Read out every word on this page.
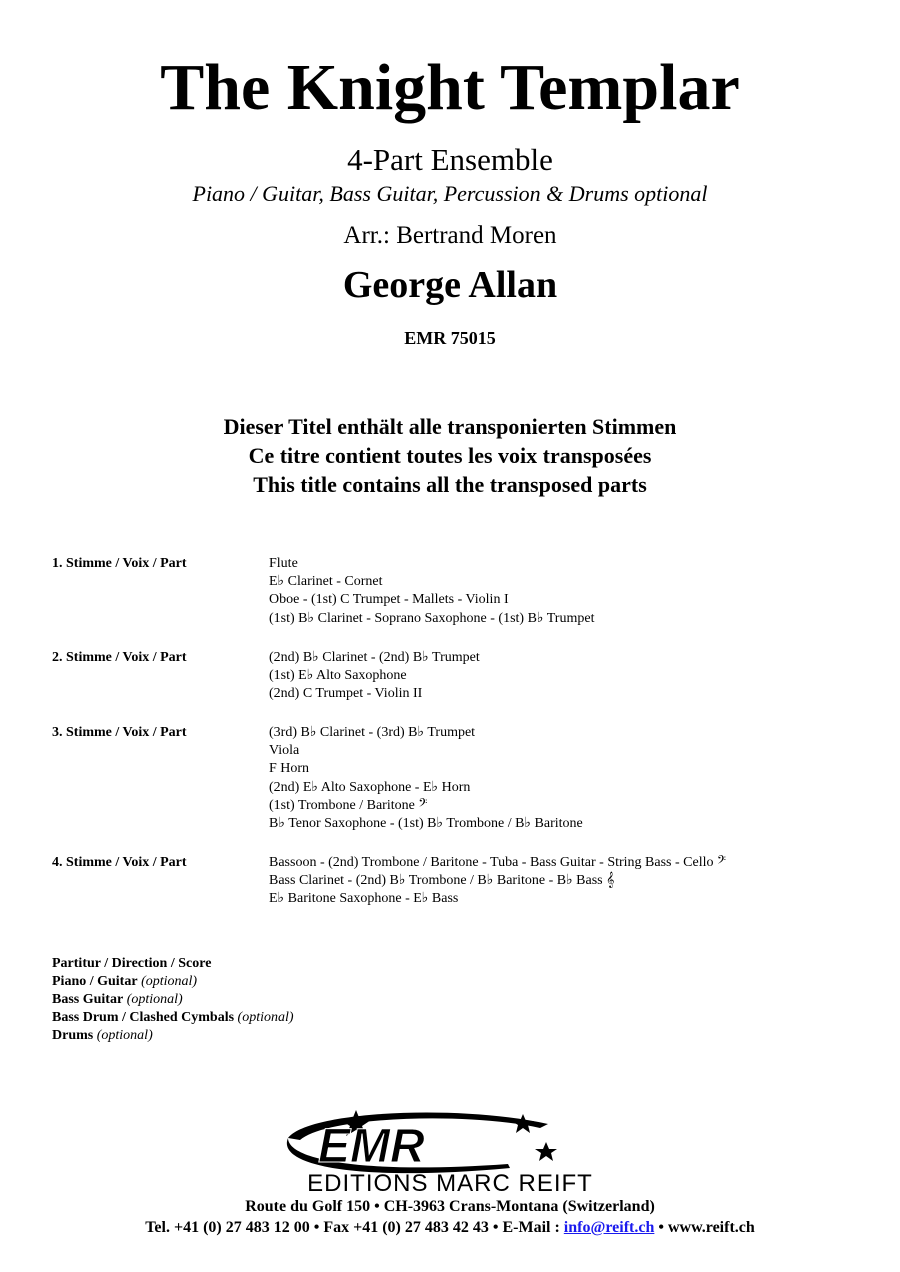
The Knight Templar
4-Part Ensemble
Piano / Guitar, Bass Guitar, Percussion & Drums optional
Arr.: Bertrand Moren
George Allan
EMR 75015
Dieser Titel enthält alle transponierten Stimmen
Ce titre contient toutes les voix transposées
This title contains all the transposed parts
1. Stimme / Voix / Part	Flute
E♭ Clarinet - Cornet
Oboe - (1st) C Trumpet - Mallets - Violin I
(1st) B♭ Clarinet - Soprano Saxophone - (1st) B♭ Trumpet
2. Stimme / Voix / Part	(2nd) B♭ Clarinet - (2nd) B♭ Trumpet
(1st) E♭ Alto Saxophone
(2nd) C Trumpet - Violin II
3. Stimme / Voix / Part	(3rd) B♭ Clarinet - (3rd) B♭ Trumpet
Viola
F Horn
(2nd) E♭ Alto Saxophone - E♭ Horn
(1st) Trombone / Baritone 𝄢
B♭ Tenor Saxophone - (1st) B♭ Trombone / B♭ Baritone
4. Stimme / Voix / Part	Bassoon - (2nd) Trombone / Baritone - Tuba - Bass Guitar - String Bass - Cello 𝄢
Bass Clarinet - (2nd) B♭ Trombone / B♭ Baritone - B♭ Bass 𝄞
E♭ Baritone Saxophone - E♭ Bass
Partitur / Direction / Score
Piano / Guitar (optional)
Bass Guitar (optional)
Bass Drum / Clashed Cymbals (optional)
Drums (optional)
EMR
EDITIONS MARC REIFT
Route du Golf 150 • CH-3963 Crans-Montana (Switzerland)
Tel. +41 (0) 27 483 12 00 • Fax +41 (0) 27 483 42 43 • E-Mail : info@reift.ch • www.reift.ch
